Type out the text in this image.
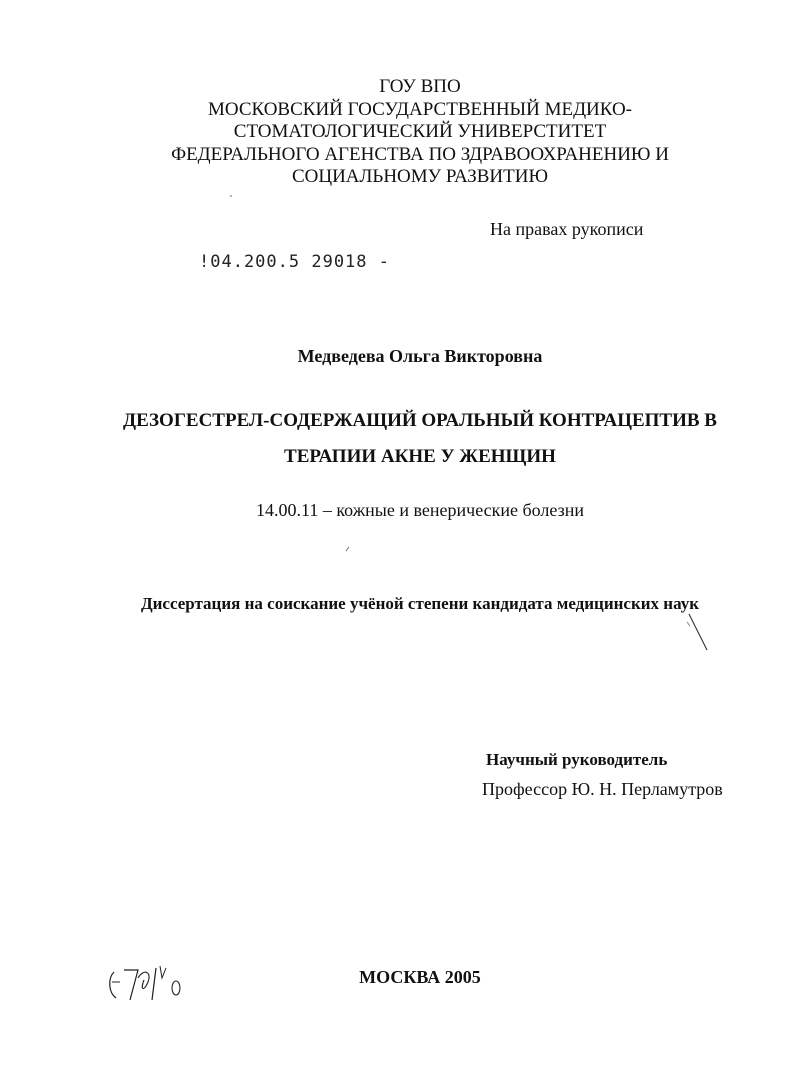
ГОУ ВПО
МОСКОВСКИЙ ГОСУДАРСТВЕННЫЙ МЕДИКО-
СТОМАТОЛОГИЧЕСКИЙ УНИВЕРСТИТЕТ
ФЕДЕРАЛЬНОГО АГЕНСТВА ПО ЗДРАВООХРАНЕНИЮ И
СОЦИАЛЬНОМУ РАЗВИТИЮ
На правах рукописи
!04.200.5 29018 -
Медведева Ольга Викторовна
ДЕЗОГЕСТРЕЛ-СОДЕРЖАЩИЙ ОРАЛЬНЫЙ КОНТРАЦЕПТИВ В
ТЕРАПИИ АКНЕ У ЖЕНЩИН
14.00.11 – кожные и венерические болезни
Диссертация на соискание учёной степени кандидата медицинских наук
Научный руководитель
Профессор Ю. Н. Перламутров
МОСКВА 2005
